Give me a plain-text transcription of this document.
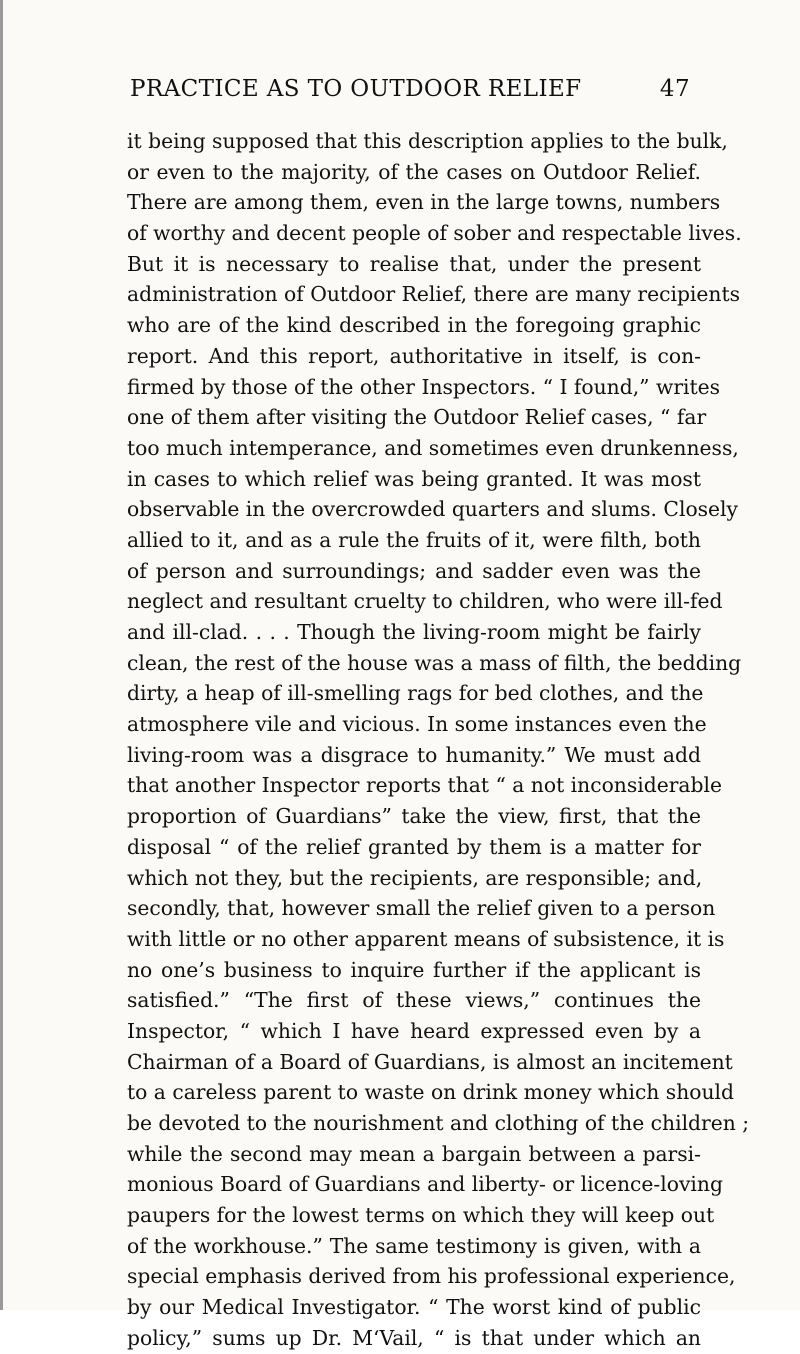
PRACTICE AS TO OUTDOOR RELIEF	47
it being supposed that this description applies to the bulk,
or even to the majority, of the cases on Outdoor Relief.
There are among them, even in the large towns, numbers
of worthy and decent people of sober and respectable lives.
But it is necessary to realise that, under the present
administration of Outdoor Relief, there are many recipients
who are of the kind described in the foregoing graphic
report. And this report, authoritative in itself, is con-
firmed by those of the other Inspectors. “ I found,” writes
one of them after visiting the Outdoor Relief cases, “ far
too much intemperance, and sometimes even drunkenness,
in cases to which relief was being granted. It was most
observable in the overcrowded quarters and slums. Closely
allied to it, and as a rule the fruits of it, were filth, both
of person and surroundings; and sadder even was the
neglect and resultant cruelty to children, who were ill-fed
and ill-clad. . . . Though the living-room might be fairly
clean, the rest of the house was a mass of filth, the bedding
dirty, a heap of ill-smelling rags for bed clothes, and the
atmosphere vile and vicious. In some instances even the
living-room was a disgrace to humanity.” We must add
that another Inspector reports that “ a not inconsiderable
proportion of Guardians” take the view, first, that the
disposal “ of the relief granted by them is a matter for
which not they, but the recipients, are responsible; and,
secondly, that, however small the relief given to a person
with little or no other apparent means of subsistence, it is
no one’s business to inquire further if the applicant is
satisfied.” “The first of these views,” continues the
Inspector, “ which I have heard expressed even by a
Chairman of a Board of Guardians, is almost an incitement
to a careless parent to waste on drink money which should
be devoted to the nourishment and clothing of the children ;
while the second may mean a bargain between a parsi-
monious Board of Guardians and liberty- or licence-loving
paupers for the lowest terms on which they will keep out
of the workhouse.” The same testimony is given, with a
special emphasis derived from his professional experience,
by our Medical Investigator. “ The worst kind of public
policy,” sums up Dr. M‘Vail, “ is that under which an
